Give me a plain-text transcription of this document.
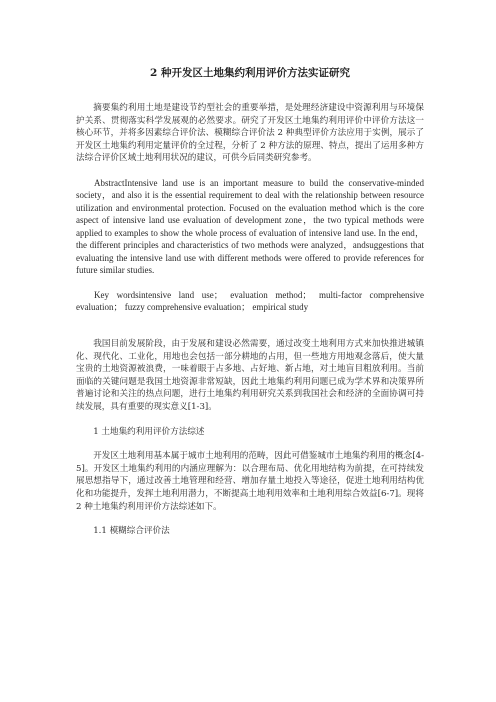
2 种开发区土地集约利用评价方法实证研究

摘要集约利用土地是建设节约型社会的重要举措，是处理经济建设中资源利用与环境保护关系、贯彻落实科学发展观的必然要求。研究了开发区土地集约利用评价中评价方法这一核心环节，并将多因素综合评价法、模糊综合评价法 2 种典型评价方法应用于实例，展示了开发区土地集约利用定量评价的全过程，分析了 2 种方法的原理、特点，提出了运用多种方法综合评价区域土地利用状况的建议，可供今后同类研究参考。

AbstractIntensive land use is an important measure to build the conservative-minded society，and also it is the essential requirement to deal with the relationship between resource utilization and environmental protection. Focused on the evaluation method which is the core aspect of intensive land use evaluation of development zone，the two typical methods were applied to examples to show the whole process of evaluation of intensive land use. In the end，the different principles and characteristics of two methods were analyzed，andsuggestions that evaluating the intensive land use with different methods were offered to provide references for future similar studies.

Key wordsintensive land use； evaluation method； multi-factor comprehensive evaluation； fuzzy comprehensive evaluation； empirical study

我国目前发展阶段，由于发展和建设必然需要，通过改变土地利用方式来加快推进城镇化、现代化、工业化，用地也会包括一部分耕地的占用，但一些地方用地观念落后，使大量宝贵的土地资源被浪费，一味着眼于占多地、占好地、新占地，对土地盲目粗放利用。当前面临的关键问题是我国土地资源非常短缺，因此土地集约利用问题已成为学术界和决策界所普遍讨论和关注的热点问题，进行土地集约利用研究关系到我国社会和经济的全面协调可持续发展，具有重要的现实意义[1-3]。

1 土地集约利用评价方法综述

开发区土地利用基本属于城市土地利用的范畴，因此可借鉴城市土地集约利用的概念[4-5]。开发区土地集约利用的内涵应理解为：以合理布局、优化用地结构为前提，在可持续发展思想指导下，通过改善土地管理和经营、增加存量土地投入等途径，促进土地利用结构优化和功能提升，发挥土地利用潜力，不断提高土地利用效率和土地利用综合效益[6-7]。现将 2 种土地集约利用评价方法综述如下。

1.1 模糊综合评价法
